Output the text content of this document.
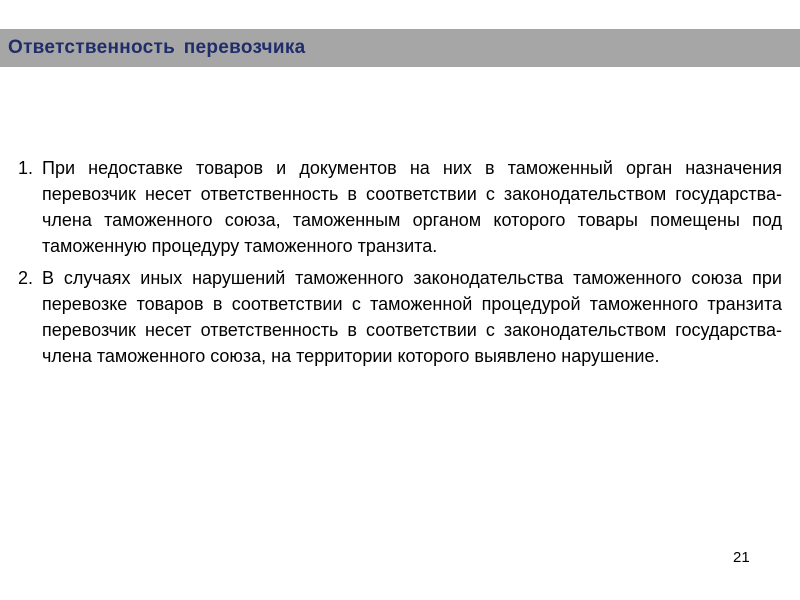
Ответственность перевозчика
1. При недоставке товаров и документов на них в таможенный орган назначения перевозчик несет ответственность в соответствии с законодательством государства-члена таможенного союза, таможенным органом которого товары помещены под таможенную процедуру таможенного транзита.
2. В случаях иных нарушений таможенного законодательства таможенного союза при перевозке товаров в соответствии с таможенной процедурой таможенного транзита перевозчик несет ответственность в соответствии с законодательством государства-члена таможенного союза, на территории которого выявлено нарушение.
21
